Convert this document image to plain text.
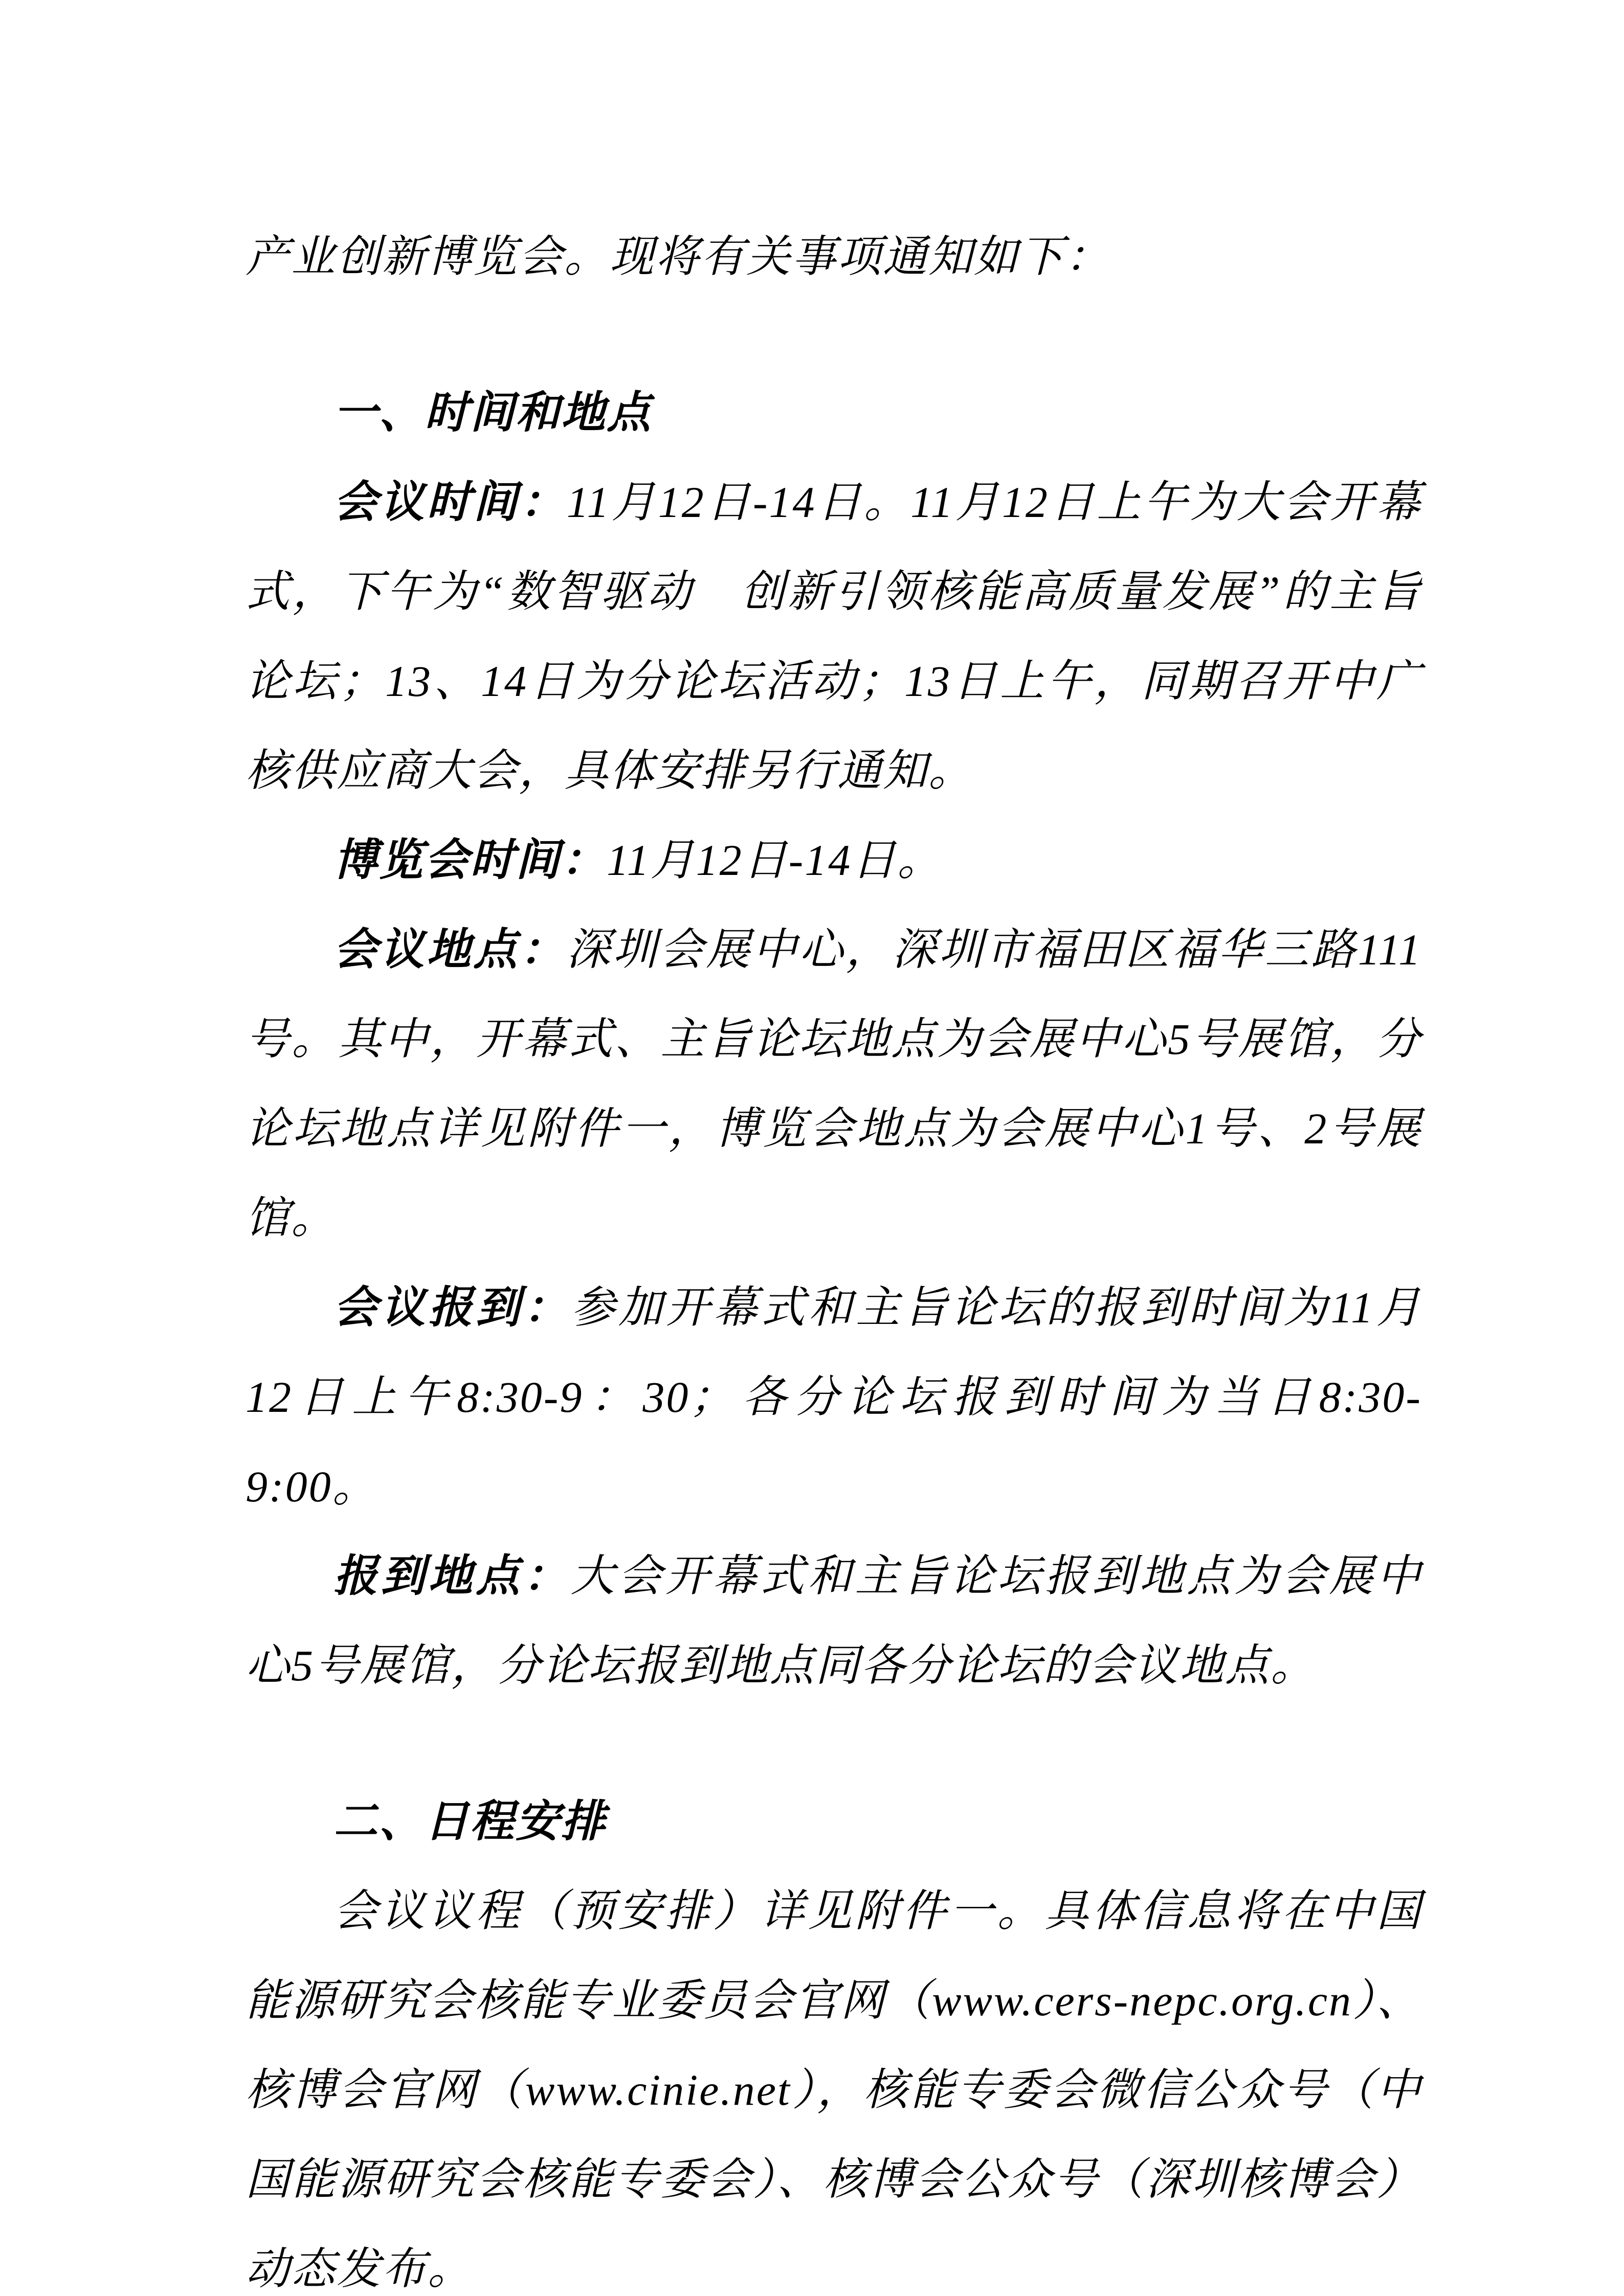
产业创新博览会。现将有关事项通知如下：

一、时间和地点

会议时间：11月12日-14日。11月12日上午为大会开幕式，下午为“数智驱动　创新引领核能高质量发展”的主旨论坛；13、14日为分论坛活动；13日上午，同期召开中广核供应商大会，具体安排另行通知。

博览会时间：11月12日-14日。

会议地点：深圳会展中心，深圳市福田区福华三路111号。其中，开幕式、主旨论坛地点为会展中心5号展馆，分论坛地点详见附件一，博览会地点为会展中心1号、2号展馆。

会议报到：参加开幕式和主旨论坛的报到时间为11月12日上午8:30-9：30；各分论坛报到时间为当日8:30-9:00。

报到地点：大会开幕式和主旨论坛报到地点为会展中心5号展馆，分论坛报到地点同各分论坛的会议地点。

二、日程安排

会议议程（预安排）详见附件一。具体信息将在中国能源研究会核能专业委员会官网（www.cers-nepc.org.cn）、核博会官网（www.cinie.net），核能专委会微信公众号（中国能源研究会核能专委会）、核博会公众号（深圳核博会）动态发布。
